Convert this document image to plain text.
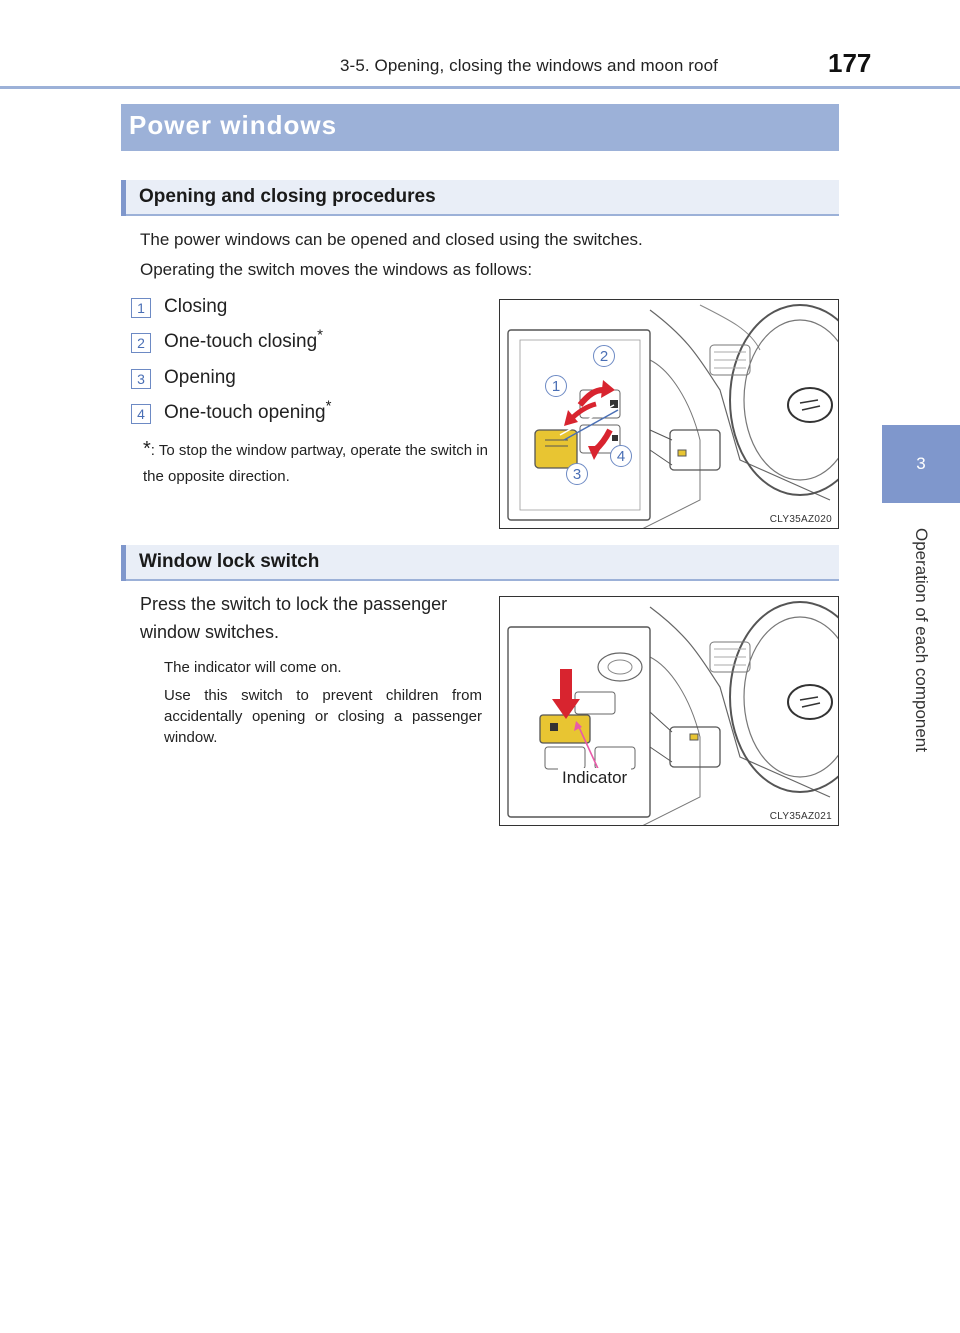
3-5. Opening, closing the windows and moon roof	177
3
Operation of each component
Power windows
Opening and closing procedures
The power windows can be opened and closed using the switches.
Operating the switch moves the windows as follows:
1	Closing
2	One-touch closing*
3	Opening
4	One-touch opening*
*: To stop the window partway, operate the switch in the opposite direction.
1
2
3
4
CLY35AZ020
Window lock switch
Press the switch to lock the passenger
window switches.
The indicator will come on.
Use this switch to prevent children from accidentally opening or closing a passenger window.
Indicator
CLY35AZ021
